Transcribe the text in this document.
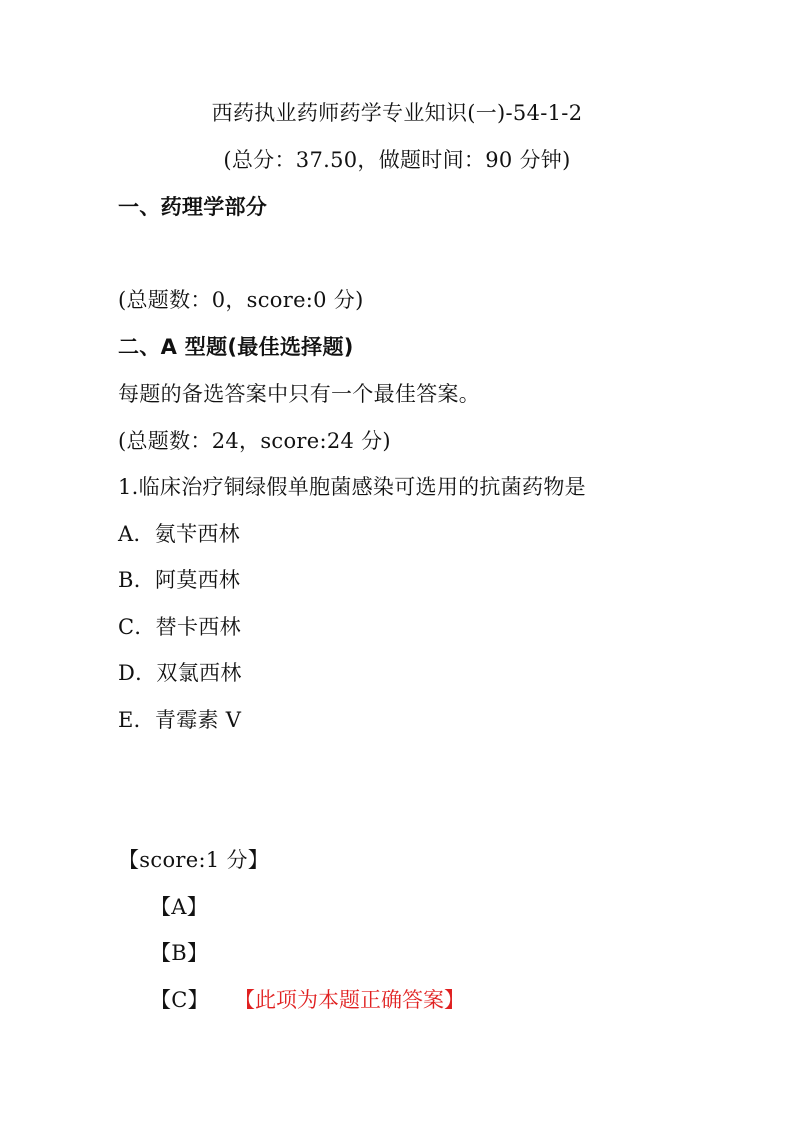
西药执业药师药学专业知识(一)-54-1-2
(总分：37.50，做题时间：90 分钟)
一、药理学部分
(总题数：0，score:0 分)
二、A 型题(最佳选择题)
每题的备选答案中只有一个最佳答案。
(总题数：24，score:24 分)
1.临床治疗铜绿假单胞菌感染可选用的抗菌药物是
A．氨苄西林
B．阿莫西林
C．替卡西林
D．双氯西林
E．青霉素 V
【score:1 分】
【A】
【B】
【C】 【此项为本题正确答案】
